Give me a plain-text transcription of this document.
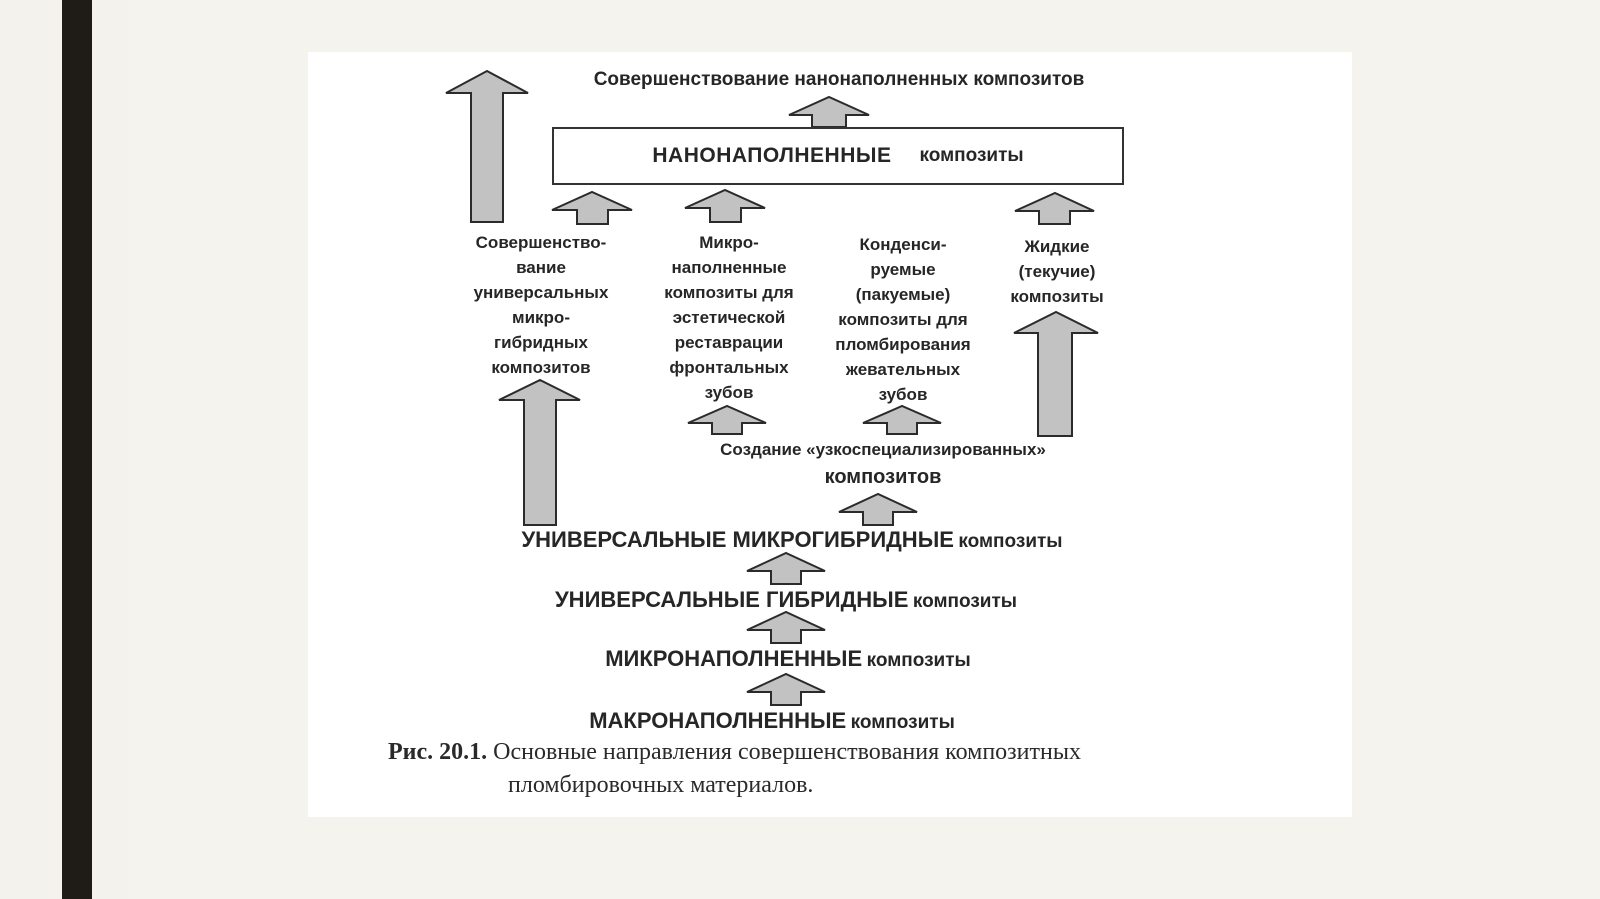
Совершенствование нанонаполненных композитов
НАНОНАПОЛНЕННЫЕ композиты
Совершенство-
вание
универсальных
микро-
гибридных
композитов
Микро-
наполненные
композиты для
эстетической
реставрации
фронтальных
зубов
Конденси-
руемые
(пакуемые)
композиты для
пломбирования
жевательных
зубов
Жидкие
(текучие)
композиты
Создание «узкоспециализированных»
композитов
УНИВЕРСАЛЬНЫЕ МИКРОГИБРИДНЫЕ композиты
УНИВЕРСАЛЬНЫЕ ГИБРИДНЫЕ композиты
МИКРОНАПОЛНЕННЫЕ композиты
МАКРОНАПОЛНЕННЫЕ композиты
Рис. 20.1. Основные направления совершенствования композитных
пломбировочных материалов.
